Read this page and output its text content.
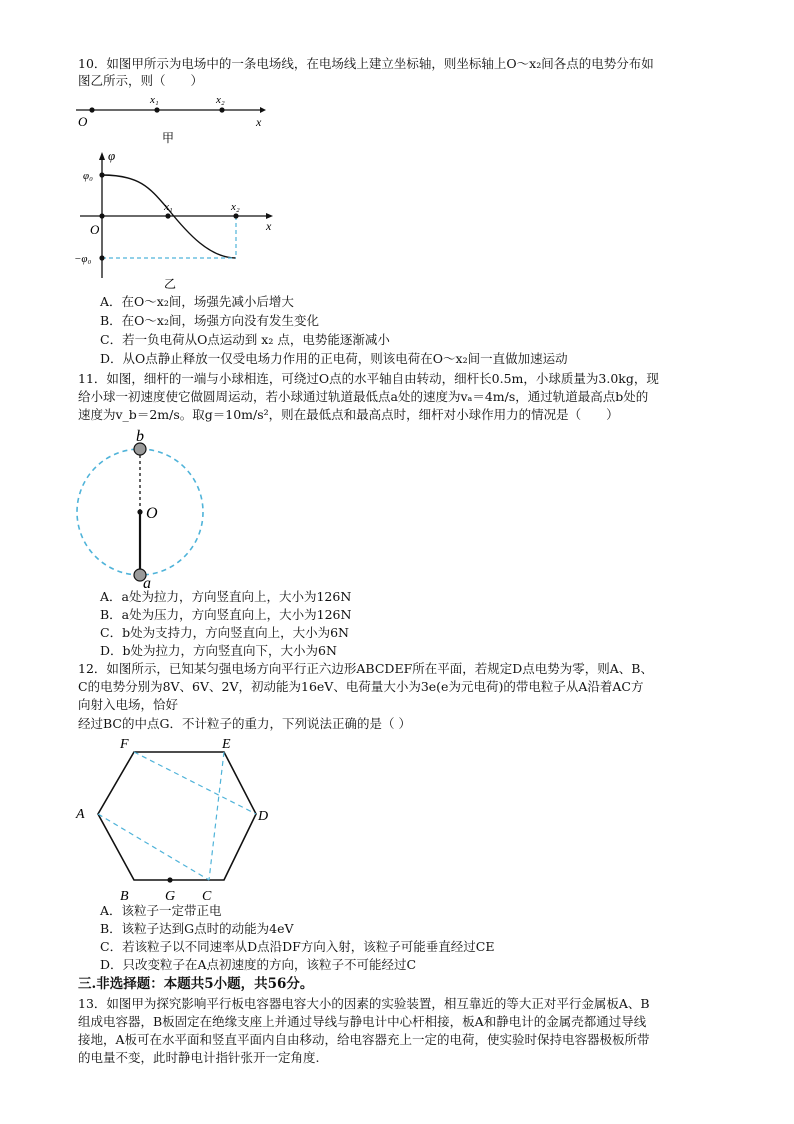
10．如图甲所示为电场中的一条电场线，在电场线上建立坐标轴，则坐标轴上O～x₂间各点的电势分布如
图乙所示，则（　　）
O
x₁	x₂
x
甲
φ
φ₀
O
−φ₀
x₁	x₂
x
乙
A．在O～x₂间，场强先减小后增大
B．在O～x₂间，场强方向没有发生变化
C．若一负电荷从O点运动到 x₂ 点，电势能逐渐减小
D．从O点静止释放一仅受电场力作用的正电荷，则该电荷在O～x₂间一直做加速运动
11．如图，细杆的一端与小球相连，可绕过O点的水平轴自由转动，细杆长0.5m，小球质量为3.0kg，现
给小球一初速度使它做圆周运动，若小球通过轨道最低点a处的速度为vₐ＝4m/s，通过轨道最高点b处的
速度为v_b＝2m/s。取g＝10m/s²，则在最低点和最高点时，细杆对小球作用力的情况是（　　）
b
O
a
A．a处为拉力，方向竖直向上，大小为126N
B．a处为压力，方向竖直向上，大小为126N
C．b处为支持力，方向竖直向上，大小为6N
D．b处为拉力，方向竖直向下，大小为6N
12．如图所示，已知某匀强电场方向平行正六边形ABCDEF所在平面，若规定D点电势为零，则A、B、
C的电势分别为8V、6V、2V，初动能为16eV、电荷量大小为3e(e为元电荷)的带电粒子从A沿着AC方
向射入电场，恰好
经过BC的中点G．不计粒子的重力，下列说法正确的是（ ）
F	E
A	D
B	G C
A．该粒子一定带正电
B．该粒子达到G点时的动能为4eV
C．若该粒子以不同速率从D点沿DF方向入射，该粒子可能垂直经过CE
D．只改变粒子在A点初速度的方向，该粒子不可能经过C
三.非选择题：本题共5小题，共56分。
13．如图甲为探究影响平行板电容器电容大小的因素的实验装置，相互靠近的等大正对平行金属板A、B
组成电容器，B板固定在绝缘支座上并通过导线与静电计中心杆相接，板A和静电计的金属壳都通过导线
接地，A板可在水平面和竖直平面内自由移动，给电容器充上一定的电荷，使实验时保持电容器极板所带
的电量不变，此时静电计指针张开一定角度.
